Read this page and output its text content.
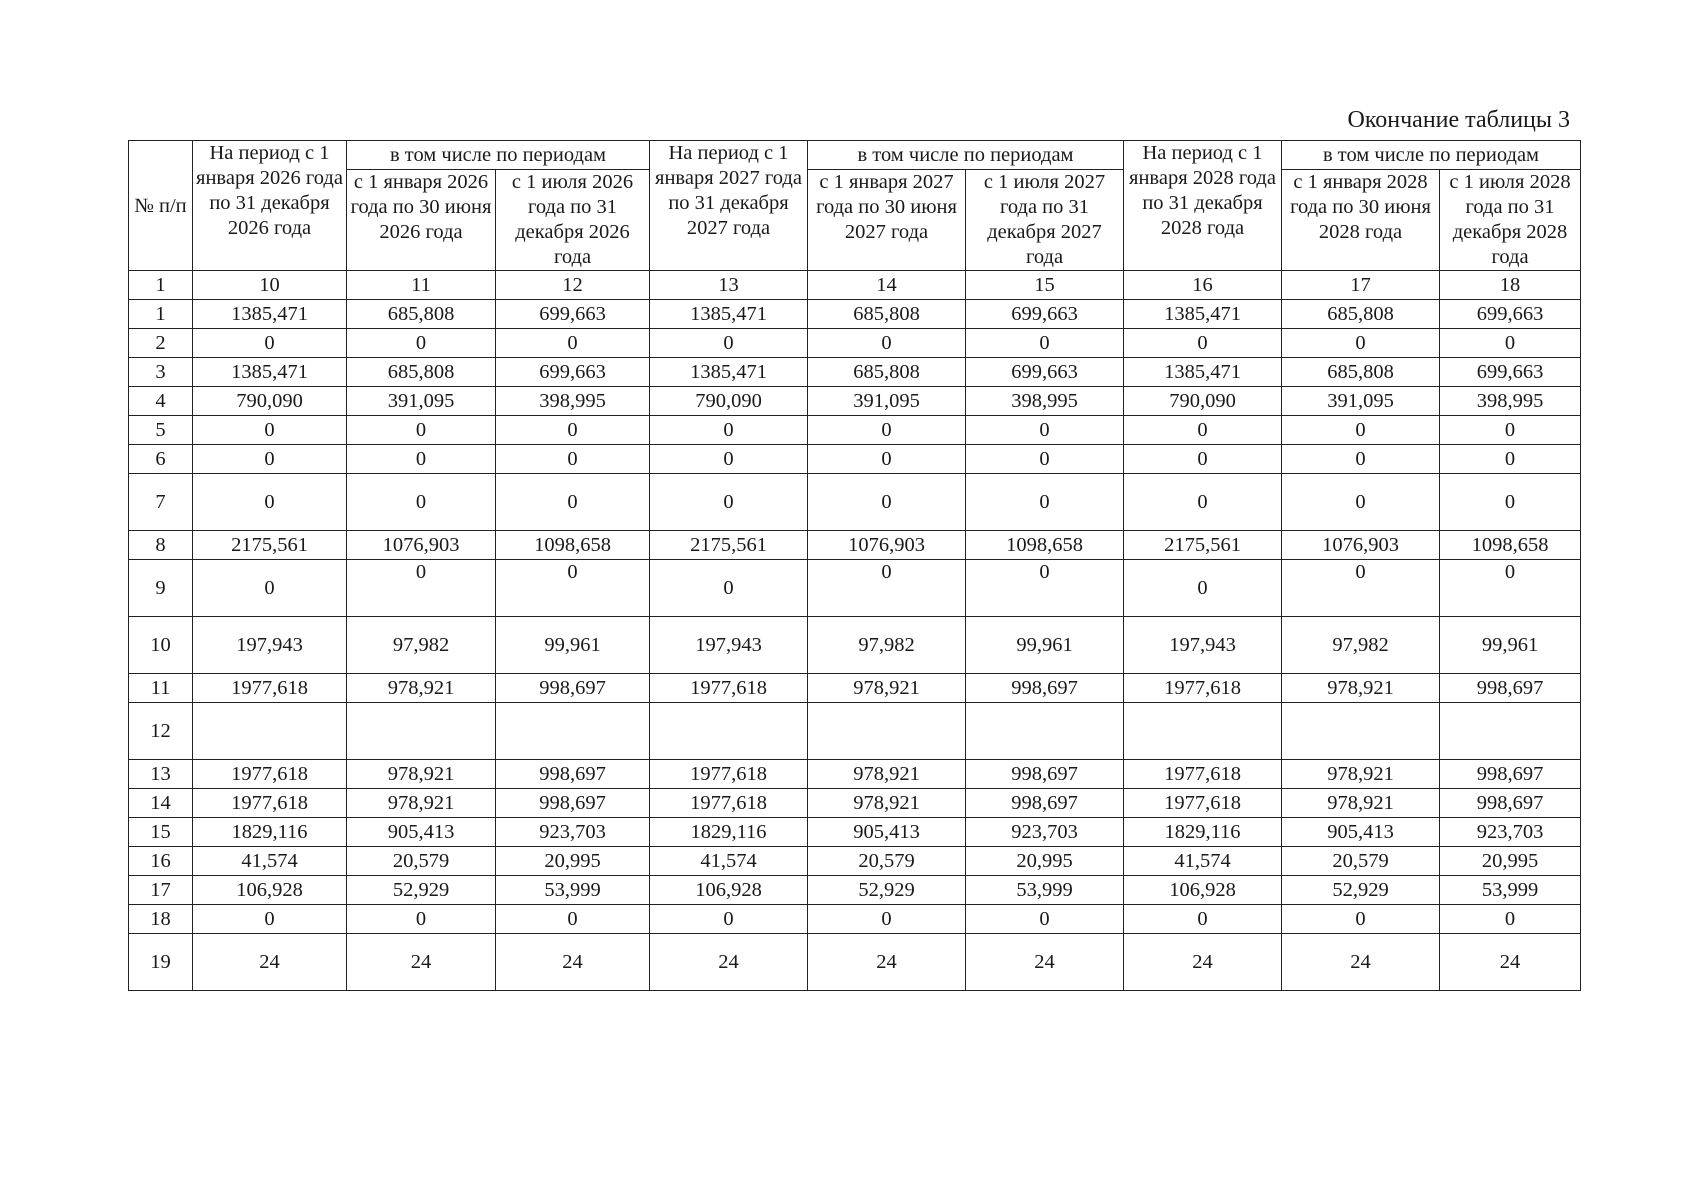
Окончание таблицы 3
№ п/п	На период с 1 января 2026 года по 31 декабря 2026 года	в том числе по периодам		На период с 1 января 2027 года по 31 декабря 2027 года	в том числе по периодам		На период с 1 января 2028 года по 31 декабря 2028 года	в том числе по периодам	
		с 1 января 2026 года по 30 июня 2026 года	с 1 июля 2026 года по 31 декабря 2026 года		с 1 января 2027 года по 30 июня 2027 года	с 1 июля 2027 года по 31 декабря 2027 года		с 1 января 2028 года по 30 июня 2028 года	с 1 июля 2028 года по 31 декабря 2028 года
1	10	11	12	13	14	15	16	17	18
1	1385,471	685,808	699,663	1385,471	685,808	699,663	1385,471	685,808	699,663
2	0	0	0	0	0	0	0	0	0
3	1385,471	685,808	699,663	1385,471	685,808	699,663	1385,471	685,808	699,663
4	790,090	391,095	398,995	790,090	391,095	398,995	790,090	391,095	398,995
5	0	0	0	0	0	0	0	0	0
6	0	0	0	0	0	0	0	0	0
7	0	0	0	0	0	0	0	0	0
8	2175,561	1076,903	1098,658	2175,561	1076,903	1098,658	2175,561	1076,903	1098,658
9	0	0	0	0	0	0	0	0	0
10	197,943	97,982	99,961	197,943	97,982	99,961	197,943	97,982	99,961
11	1977,618	978,921	998,697	1977,618	978,921	998,697	1977,618	978,921	998,697
12									
13	1977,618	978,921	998,697	1977,618	978,921	998,697	1977,618	978,921	998,697
14	1977,618	978,921	998,697	1977,618	978,921	998,697	1977,618	978,921	998,697
15	1829,116	905,413	923,703	1829,116	905,413	923,703	1829,116	905,413	923,703
16	41,574	20,579	20,995	41,574	20,579	20,995	41,574	20,579	20,995
17	106,928	52,929	53,999	106,928	52,929	53,999	106,928	52,929	53,999
18	0	0	0	0	0	0	0	0	0
19	24	24	24	24	24	24	24	24	24
